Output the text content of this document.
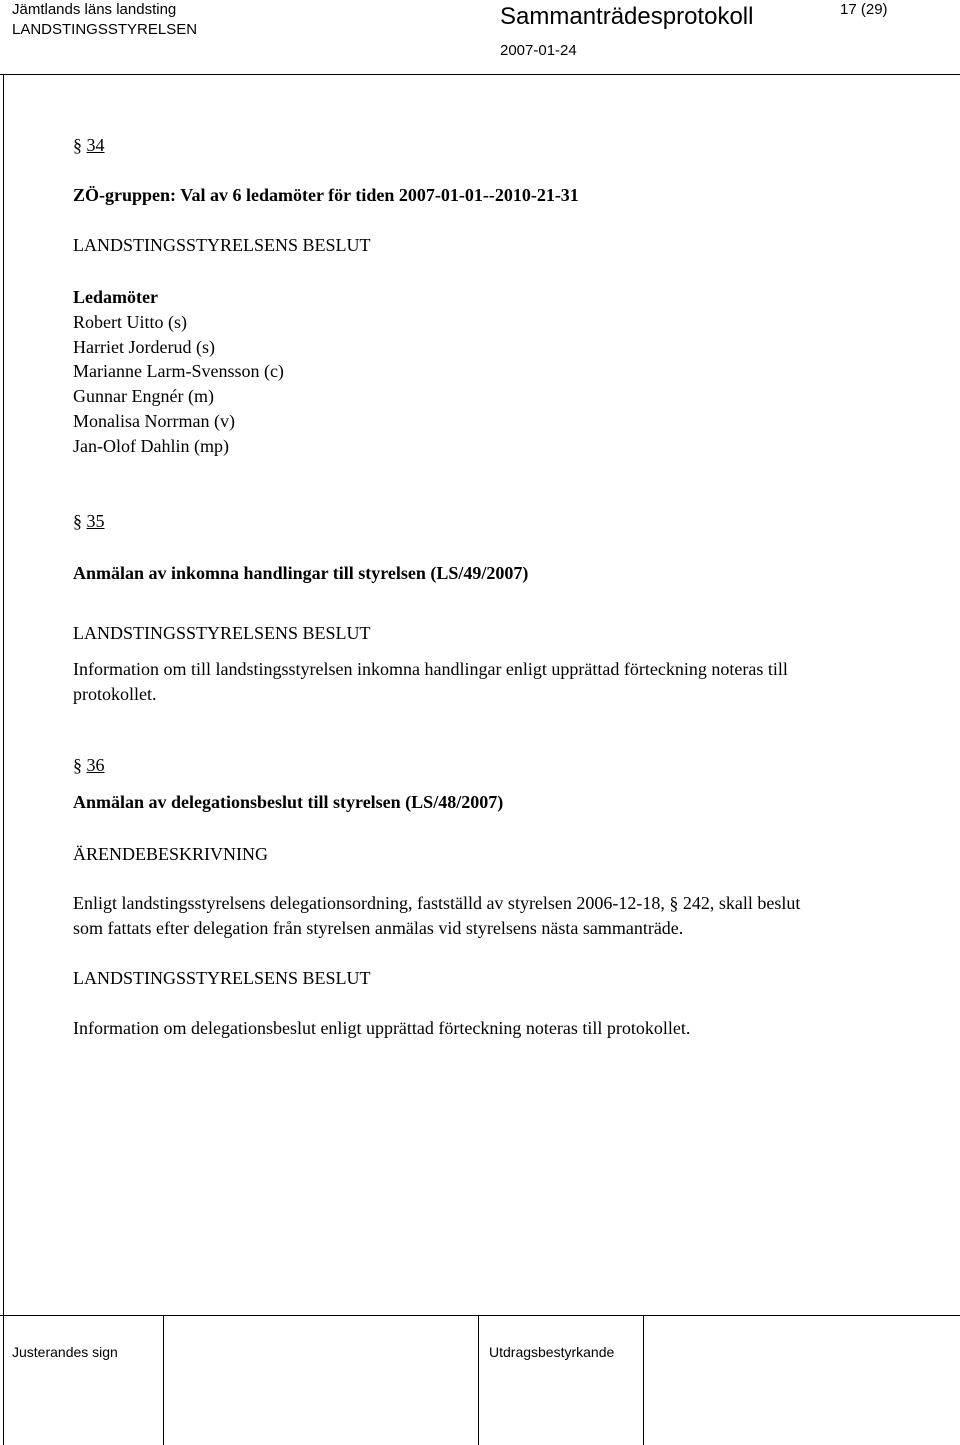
Jämtlands läns landsting
LANDSTINGSSTYRELSEN	Sammanträdesprotokoll
2007-01-24
17 (29)
§ 34
ZÖ-gruppen: Val av 6 ledamöter för tiden 2007-01-01--2010-21-31
LANDSTINGSSTYRELSENS BESLUT
Ledamöter
Robert Uitto (s)
Harriet Jorderud (s)
Marianne Larm-Svensson (c)
Gunnar Engnér (m)
Monalisa Norrman (v)
Jan-Olof Dahlin (mp)
§ 35
Anmälan av inkomna handlingar till styrelsen (LS/49/2007)
LANDSTINGSSTYRELSENS BESLUT
Information om till landstingsstyrelsen inkomna handlingar enligt upprättad förteckning noteras till
protokollet.
§ 36
Anmälan av delegationsbeslut till styrelsen (LS/48/2007)
ÄRENDEBESKRIVNING
Enligt landstingsstyrelsens delegationsordning, fastställd av styrelsen 2006-12-18, § 242, skall beslut
som fattats efter delegation från styrelsen anmälas vid styrelsens nästa sammanträde.
LANDSTINGSSTYRELSENS BESLUT
Information om delegationsbeslut enligt upprättad förteckning noteras till protokollet.
Justerandes sign	Utdragsbestyrkande
